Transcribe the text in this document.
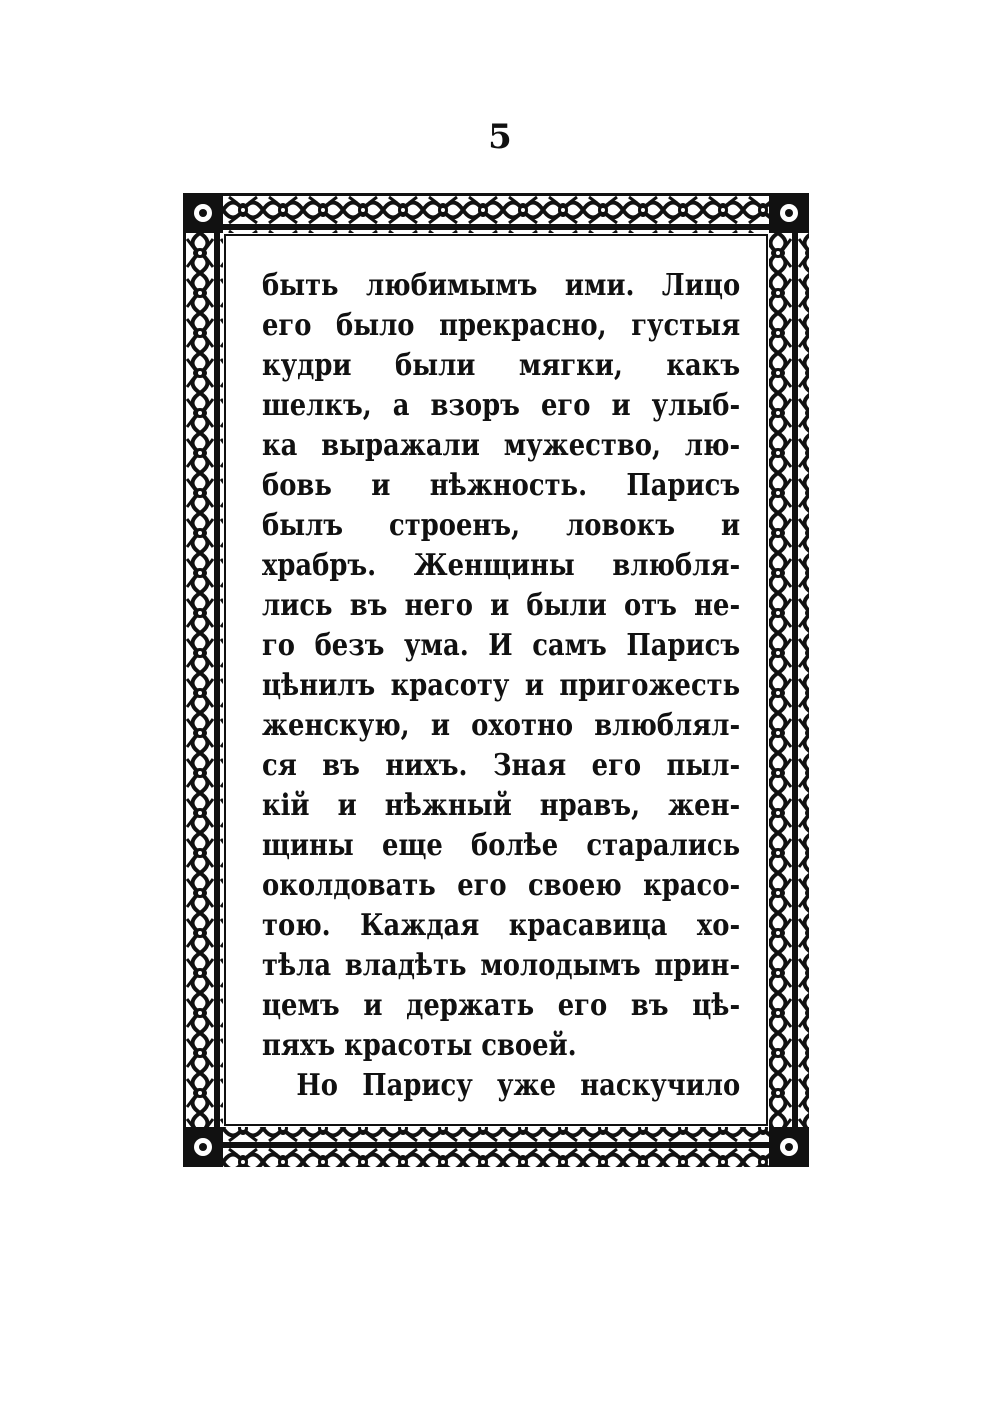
5
быть любимымъ ими. Лицо
его было прекрасно, густыя
кудри были мягки, какъ
шелкъ, а взоръ его и улыб-
ка выражали мужество, лю-
бовь и нѣжность. Парисъ
былъ строенъ, ловокъ и
храбръ. Женщины влюбля-
лись въ него и были отъ не-
го безъ ума. И самъ Парисъ
цѣнилъ красоту и пригожесть
женскую, и охотно влюблял-
ся въ нихъ. Зная его пыл-
кій и нѣжный нравъ, жен-
щины еще болѣе старались
околдовать его своею красо-
тою. Каждая красавица хо-
тѣла владѣть молодымъ прин-
цемъ и держать его въ цѣ-
пяхъ красоты своей.
Но Парису уже наскучило
